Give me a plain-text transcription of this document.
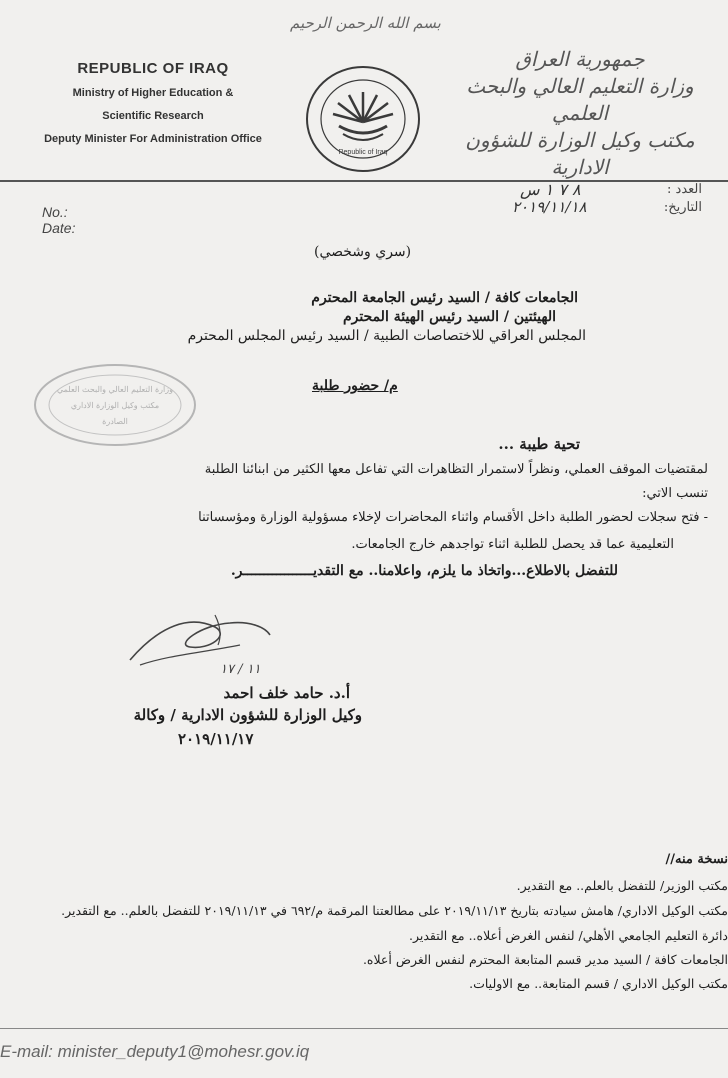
بسم الله الرحمن الرحيم
REPUBLIC OF IRAQ
Ministry of Higher Education &
Scientific Research
Deputy Minister For Administration Office
Republic of Iraq
جمهورية العراق
وزارة التعليم العالي والبحث العلمي
مكتب وكيل الوزارة للشؤون الادارية
No.:
Date:
العدد :
التاريخ:
٨ ٧ ١ س
٢٠١٩/١١/١٨
(سري وشخصي)
الجامعات كافة / السيد رئيس الجامعة المحترم
الهيئتين / السيد رئيس الهيئة المحترم
المجلس العراقي للاختصاصات الطبية / السيد رئيس المجلس المحترم
وزارة التعليم العالي والبحث العلمي
مكتب وكيل الوزارة الاداري
الصادرة
م/ حضور طلبة
تحية طيبة ...
لمقتضيات الموقف العملي، ونظراً لاستمرار التظاهرات التي تفاعل معها الكثير من ابنائنا الطلبة
تنسب الاتي:
- فتح سجلات لحضور الطلبة داخل الأقسام واثناء المحاضرات لإخلاء مسؤولية الوزارة ومؤسساتنا
التعليمية عما قد يحصل للطلبة اثناء تواجدهم خارج الجامعات.
للتفضل بالاطلاع...واتخاذ ما يلزم، واعلامنا.. مع التقديـــــــــــــــــر.
١١ / ١٧
أ.د. حامد خلف احمد
وكيل الوزارة للشؤون الادارية / وكالة
٢٠١٩/١١/١٧
نسخة منه//
مكتب الوزير/ للتفضل بالعلم.. مع التقدير.
مكتب الوكيل الاداري/ هامش سيادته بتاريخ ٢٠١٩/١١/١٣ على مطالعتنا المرقمة م/٦٩٢ في ٢٠١٩/١١/١٣ للتفضل بالعلم.. مع التقدير.
دائرة التعليم الجامعي الأهلي/ لنفس الغرض أعلاه.. مع التقدير.
الجامعات كافة / السيد مدير قسم المتابعة المحترم لنفس الغرض أعلاه.
مكتب الوكيل الاداري / قسم المتابعة.. مع الاوليات.
E-mail: minister_deputy1@mohesr.gov.iq
